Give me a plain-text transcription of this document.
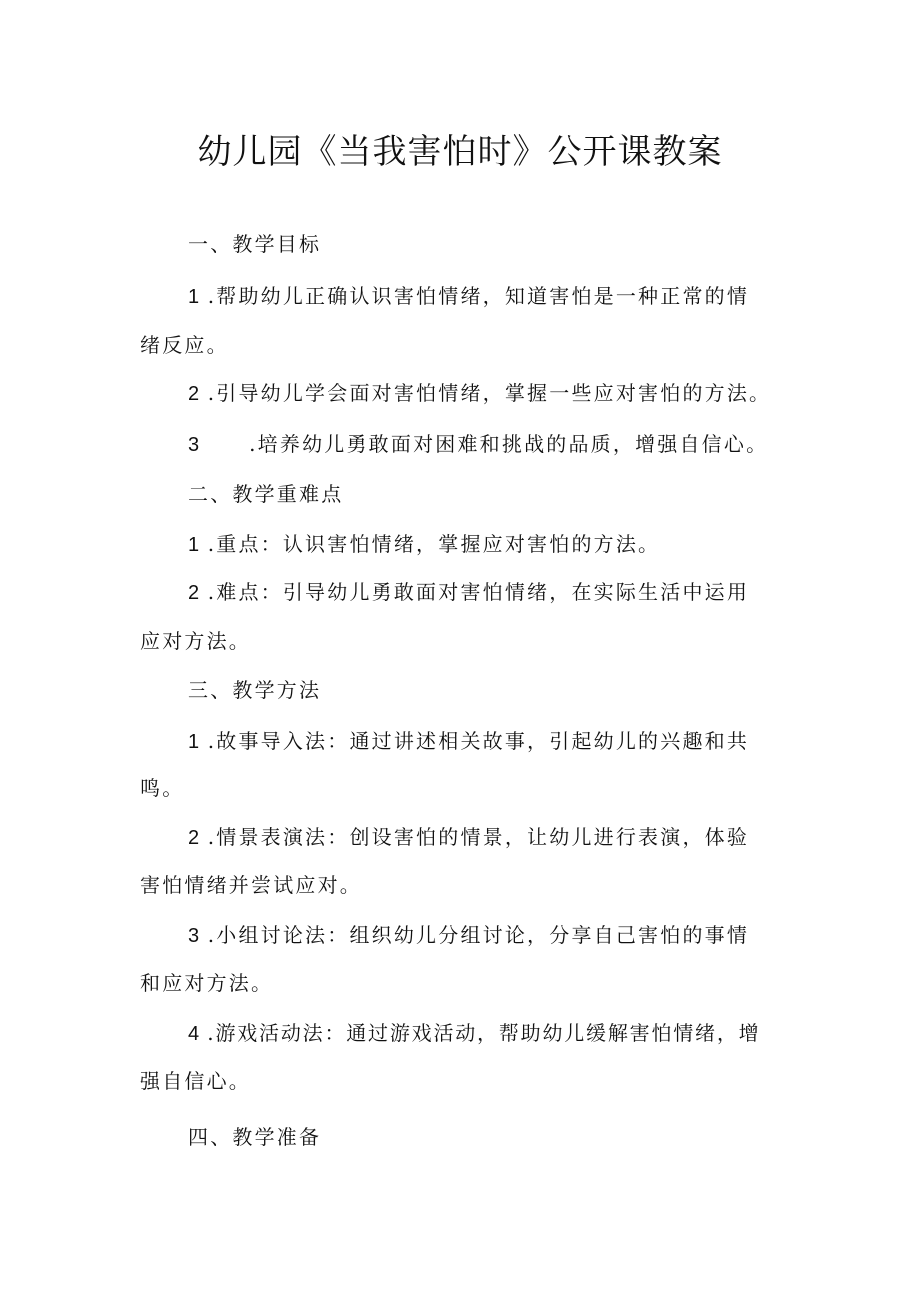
幼儿园《当我害怕时》公开课教案
一、教学目标
1 .帮助幼儿正确认识害怕情绪，知道害怕是一种正常的情
绪反应。
2 .引导幼儿学会面对害怕情绪，掌握一些应对害怕的方法。
3	.培养幼儿勇敢面对困难和挑战的品质，增强自信心。
二、教学重难点
1 .重点：认识害怕情绪，掌握应对害怕的方法。
2 .难点：引导幼儿勇敢面对害怕情绪，在实际生活中运用
应对方法。
三、教学方法
1 .故事导入法：通过讲述相关故事，引起幼儿的兴趣和共
鸣。
2 .情景表演法：创设害怕的情景，让幼儿进行表演，体验
害怕情绪并尝试应对。
3 .小组讨论法：组织幼儿分组讨论，分享自己害怕的事情
和应对方法。
4 .游戏活动法：通过游戏活动，帮助幼儿缓解害怕情绪，增
强自信心。
四、教学准备
